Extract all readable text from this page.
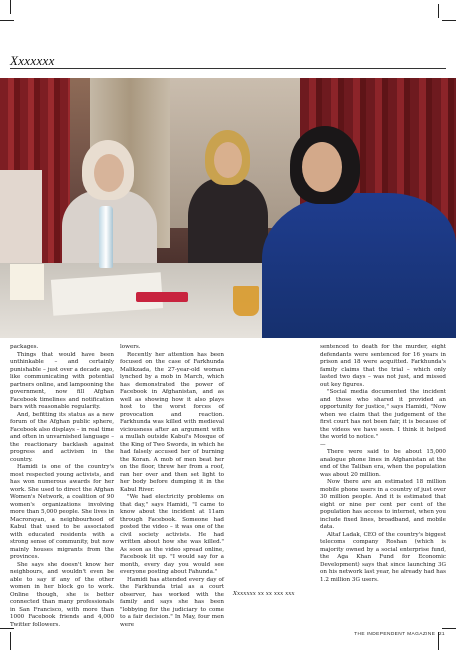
Xxxxxxx

packages.

Things that would have been unthinkable – and certainly punishable – just over a decade ago, like communicating with potential partners online, and lampooning the government, now fill Afghan Facebook timelines and notification bars with reasonable regularity.

And, befitting its status as a new forum of the Afghan public sphere, Facebook also displays – in real time and often in unvarnished language – the reactionary backlash against progress and activism in the country.

Hamidi is one of the country's most respected young activists, and has won numerous awards for her work. She used to direct the Afghan Women's Network, a coalition of 90 women's organizations involving more than 5,000 people. She lives in Macrorayan, a neighbourhood of Kabul that used to be associated with educated residents with a strong sense of community, but now mainly houses migrants from the provinces.

She says she doesn't know her neighbours, and wouldn't even be able to say if any of the other women in her block go to work. Online though, she is better connected than many professionals in San Francisco, with more than 1000 Facebook friends and 4,000 Twitter followers.

lowers.

Recently her attention has been focused on the case of Farkhunda Malikzada, the 27-year-old woman lynched by a mob in March, which has demonstrated the power of Facebook in Afghanistan, and as well as showing how it also plays host to the worst forces of provocation and reaction. Farkhunda was killed with medieval viciousness after an argument with a mullah outside Kabul's Mosque of the King of Two Swords, in which he had falsely accused her of burning the Koran. A mob of men beat her on the floor, threw her from a roof, ran her over and then set light to her body before dumping it in the Kabul River.

"We had electricity problems on that day," says Hamidi, "I came to know about the incident at 11am through Facebook. Someone had posted the video – it was one of the civil society activists. He had written about how she was killed." As soon as the video spread online, Facebook lit up. "I would say for a month, every day you would see everyone posting about Fahunda."

Hamidi has attended every day of the Farkhunda trial as a court observer, has worked with the family and says she has been "lobbying for the judiciary to come to a fair decision." In May, four men were

Xxxxxxx xx xx xxx xxx

sentenced to death for the murder, eight defendants were sentenced for 16 years in prison and 18 were acquitted. Farkhunda's family claims that the trial – which only lasted two days – was not just, and missed out key figures.

"Social media documented the incident and those who shared it provided an opportunity for justice," says Hamidi, "Now when we claim that the judgement of the first court has not been fair, it is because of the videos we have seen. I think it helped the world to notice."

—

There were said to be about 15,000 analogue phone lines in Afghanistan at the end of the Taliban era, when the population was about 20 million.

Now there are an estimated 18 million mobile phone users in a country of just over 30 million people. And it is estimated that eight or nine per cent per cent of the population has access to internet, when you include fixed lines, broadband, and mobile data.

Altaf Ladak, CEO of the country's biggest telecoms company Roshan (which is majority owned by a social enterprise fund, the Aga Khan Fund for Economic Development) says that since launching 3G on his network last year, he already had has 1.2 million 3G users.

THE INDEPENDENT MAGAZINE 21
